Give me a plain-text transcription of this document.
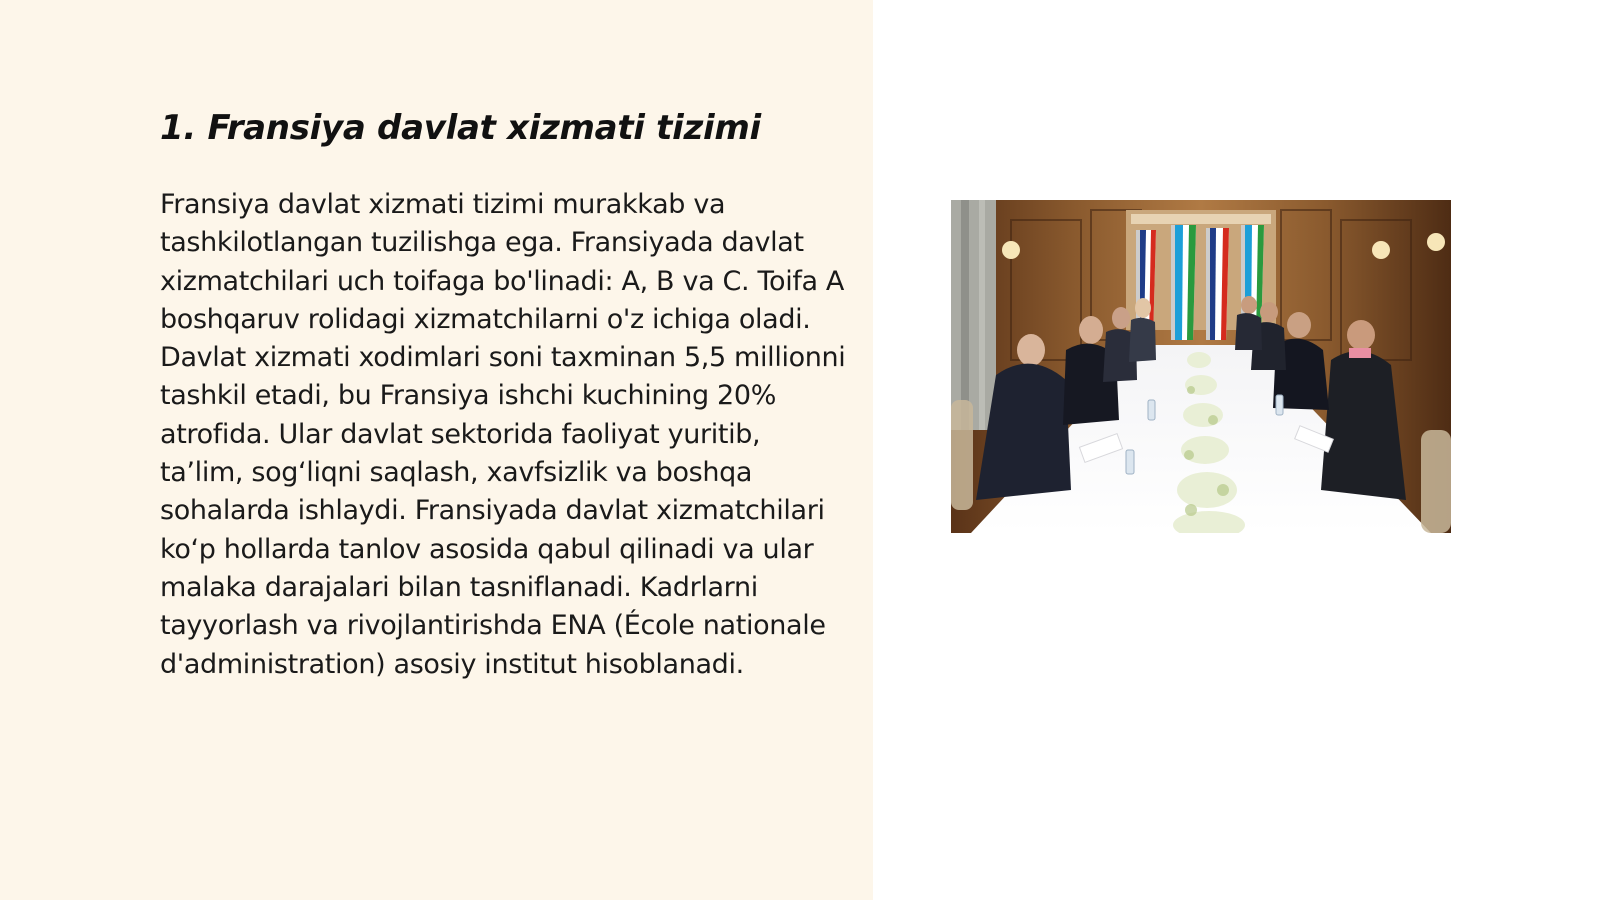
1. Fransiya davlat xizmati tizimi

Fransiya davlat xizmati tizimi murakkab va tashkilotlangan tuzilishga ega. Fransiyada davlat xizmatchilari uch toifaga bo'linadi: A, B va C. Toifa A boshqaruv rolidagi xizmatchilarni o'z ichiga oladi. Davlat xizmati xodimlari soni taxminan 5,5 millionni tashkil etadi, bu Fransiya ishchi kuchining 20% atrofida. Ular davlat sektorida faoliyat yuritib, ta’lim, sog‘liqni saqlash, xavfsizlik va boshqa sohalarda ishlaydi. Fransiyada davlat xizmatchilari ko‘p hollarda tanlov asosida qabul qilinadi va ular malaka darajalari bilan tasniflanadi. Kadrlarni tayyorlash va rivojlantirishda ENA (École nationale d'administration) asosiy institut hisoblanadi.
